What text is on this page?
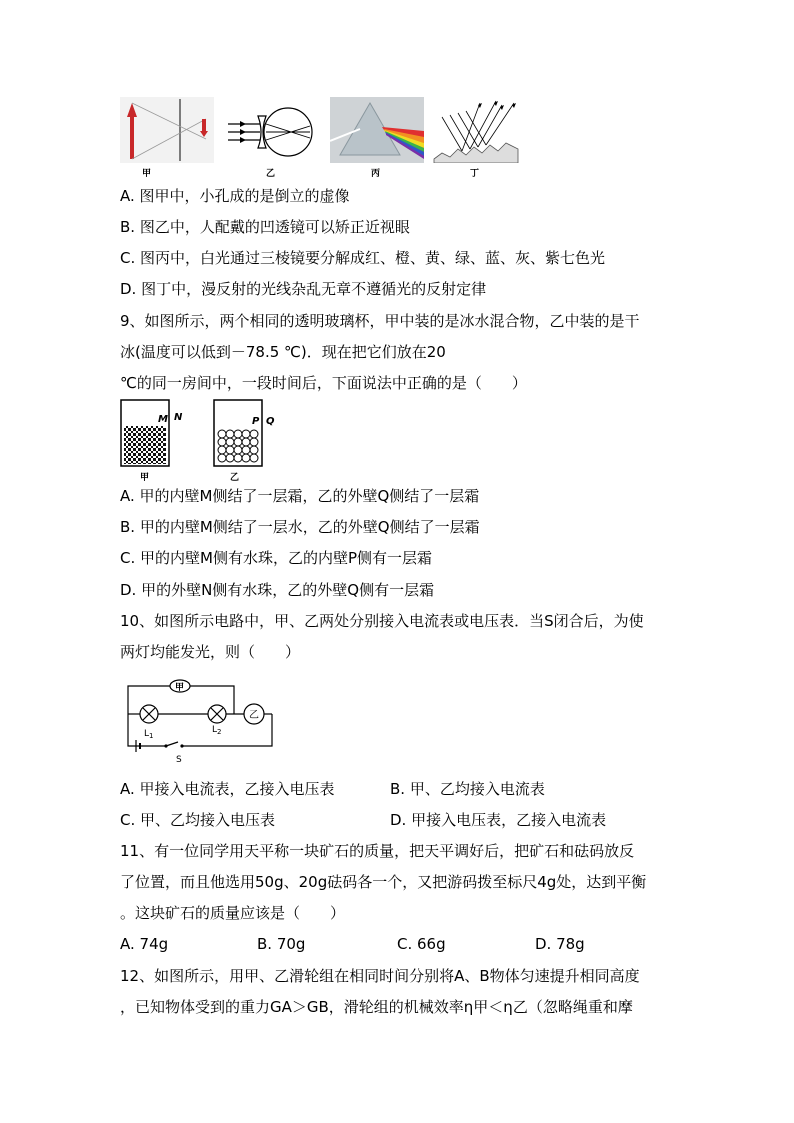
甲	乙	丙	丁
A. 图甲中，小孔成的是倒立的虚像
B. 图乙中，人配戴的凹透镜可以矫正近视眼
C. 图丙中，白光通过三棱镜要分解成红、橙、黄、绿、蓝、灰、紫七色光
D. 图丁中，漫反射的光线杂乱无章不遵循光的反射定律
9、如图所示，两个相同的透明玻璃杯，甲中装的是冰水混合物，乙中装的是干
冰(温度可以低到－78.5 ℃)．现在把它们放在20
℃的同一房间中，一段时间后，下面说法中正确的是（　　）
M N	P Q
甲	乙
A. 甲的内壁M侧结了一层霜，乙的外壁Q侧结了一层霜
B. 甲的内壁M侧结了一层水，乙的外壁Q侧结了一层霜
C. 甲的内壁M侧有水珠，乙的内壁P侧有一层霜
D. 甲的外壁N侧有水珠，乙的外壁Q侧有一层霜
10、如图所示电路中，甲、乙两处分别接入电流表或电压表．当S闭合后，为使
两灯均能发光，则（　　）
甲
乙
$L_1$
$L_2$
S
A. 甲接入电流表，乙接入电压表	B. 甲、乙均接入电流表
C. 甲、乙均接入电压表	D. 甲接入电压表，乙接入电流表
11、有一位同学用天平称一块矿石的质量，把天平调好后，把矿石和砝码放反
了位置，而且他选用50g、20g砝码各一个，又把游码拨至标尺4g处，达到平衡
。这块矿石的质量应该是（　　）
A. 74g	B. 70g	C. 66g	D. 78g
12、如图所示，用甲、乙滑轮组在相同时间分别将A、B物体匀速提升相同高度
，已知物体受到的重力GA＞GB，滑轮组的机械效率η甲＜η乙（忽略绳重和摩
